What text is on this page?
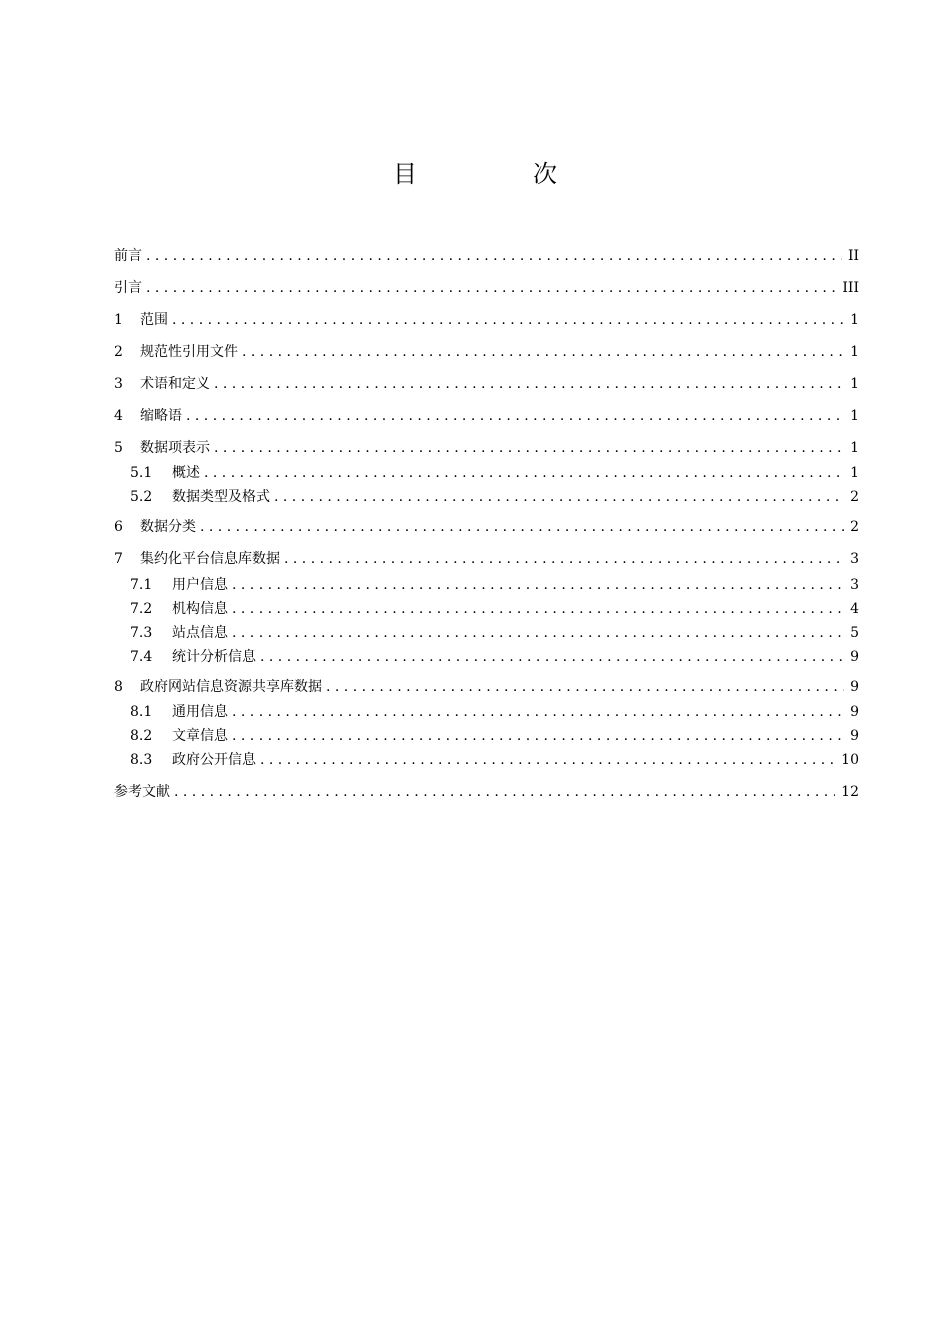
目　次
前言 . . .	II
引言 . . .	III
1	范围 . . .	1
2	规范性引用文件 . . .	1
3	术语和定义 . . .	1
4	缩略语 . . .	1
5	数据项表示 . . .	1
5.1	概述 . . .	1
5.2	数据类型及格式 . . .	2
6	数据分类 . . .	2
7	集约化平台信息库数据 . . .	3
7.1	用户信息 . . .	3
7.2	机构信息 . . .	4
7.3	站点信息 . . .	5
7.4	统计分析信息 . . .	9
8	政府网站信息资源共享库数据 . . .	9
8.1	通用信息 . . .	9
8.2	文章信息 . . .	9
8.3	政府公开信息 . . .	10
参考文献 . . .	12
